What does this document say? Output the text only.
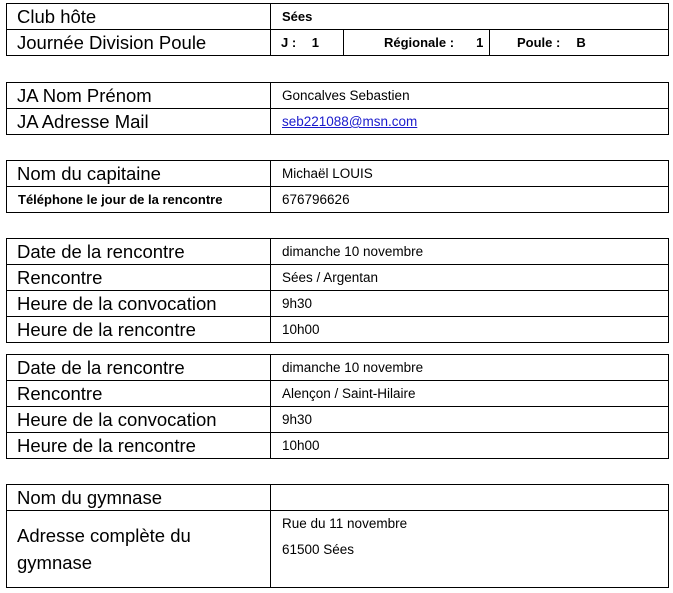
Club hôte	Sées
Journée Division Poule	J : 1 Régionale : 1 Poule : B
JA Nom Prénom	Goncalves Sebastien
JA Adresse Mail	seb221088@msn.com
Nom du capitaine	Michaël LOUIS
Téléphone le jour de la rencontre	676796626
Date de la rencontre	dimanche 10 novembre
Rencontre	Sées / Argentan
Heure de la convocation	9h30
Heure de la rencontre	10h00
Date de la rencontre	dimanche 10 novembre
Rencontre	Alençon / Saint-Hilaire
Heure de la convocation	9h30
Heure de la rencontre	10h00
Nom du gymnase	

Adresse complète du gymnase	Rue du 11 novembre
61500 Sées
